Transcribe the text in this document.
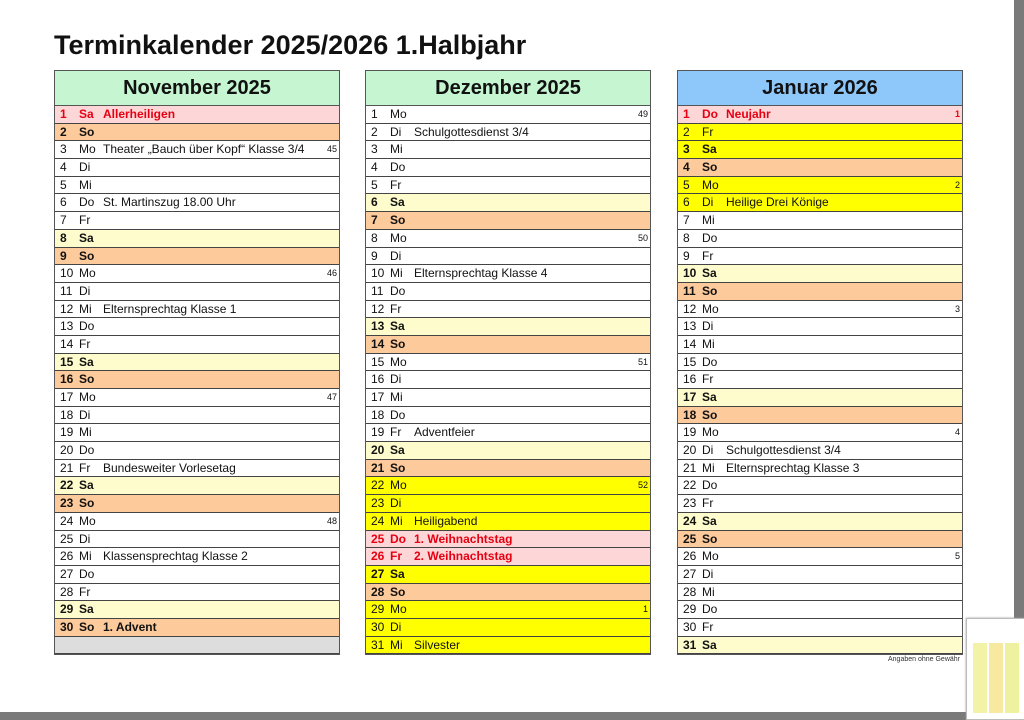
Terminkalender 2025/2026 1.Halbjahr
November 2025
1	Sa Allerheiligen
2	So
3	Mo Theater „Bauch über Kopf“ Klasse 3/4	45
4	Di
5	Mi
6	Do St. Martinszug 18.00 Uhr
7	Fr
8	Sa
9	So
10 Mo	46
11 Di
12 Mi Elternsprechtag Klasse 1
13 Do
14 Fr
15 Sa
16 So
17 Mo	47
18 Di
19 Mi
20 Do
21 Fr	Bundesweiter Vorlesetag
22 Sa
23 So
24 Mo	48
25 Di
26 Mi Klassensprechtag Klasse 2
27 Do
28 Fr
29 Sa
30 So 1. Advent
Dezember 2025
1	Mo	49
2	Di	Schulgottesdienst 3/4
3	Mi
4	Do
5	Fr
6	Sa
7	So
8	Mo	50
9	Di
10 Mi Elternsprechtag Klasse 4
11 Do
12 Fr
13 Sa
14 So
15 Mo	51
16 Di
17 Mi
18 Do
19 Fr	Adventfeier
20 Sa
21 So
22 Mo	52
23 Di
24 Mi Heiligabend
25 Do 1. Weihnachtstag
26 Fr	2. Weihnachtstag
27 Sa
28 So
29 Mo	1
30 Di
31 Mi Silvester
Januar 2026
1	Do Neujahr	1
2	Fr
3	Sa
4	So
5	Mo	2
6	Di	Heilige Drei Könige
7	Mi
8	Do
9	Fr
10 Sa
11 So
12 Mo	3
13 Di
14 Mi
15 Do
16 Fr
17 Sa
18 So
19 Mo	4
20 Di	Schulgottesdienst 3/4
21 Mi Elternsprechtag Klasse 3
22 Do
23 Fr
24 Sa
25 So
26 Mo	5
27 Di
28 Mi
29 Do
30 Fr
31 Sa
Angaben ohne Gewähr
